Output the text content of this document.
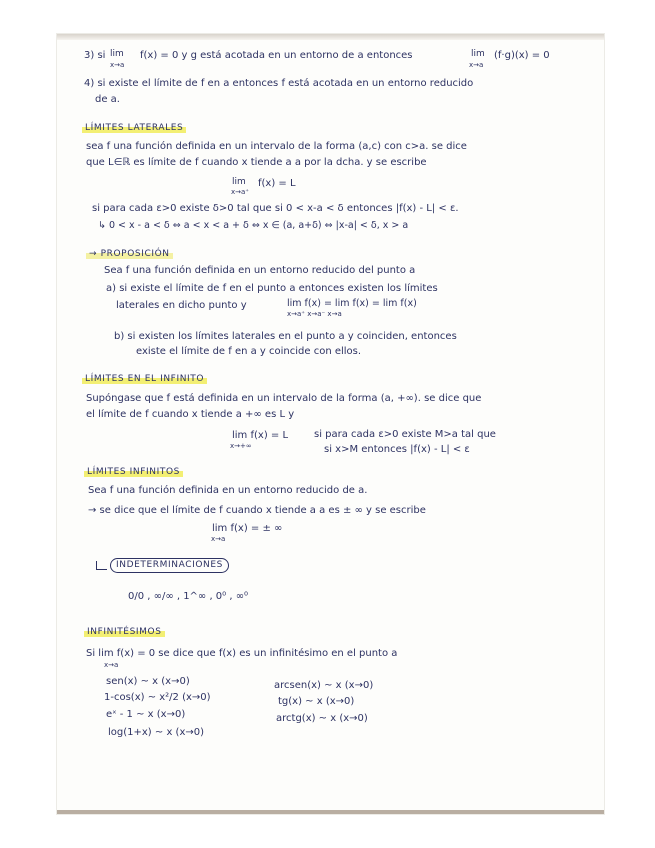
3) si lim
x→a
f(x) = 0 y g está acotada en un entorno de a entonces	lim
x→a
(f·g)(x) = 0
4) si existe el límite de f en a entonces f está acotada en un entorno reducido
de a.
LÍMITES LATERALES
sea f una función definida en un intervalo de la forma (a,c) con c>a. se dice
que L∈ℝ es límite de f cuando x tiende a a por la dcha. y se escribe
lim
x→a⁺
f(x) = L
si para cada ε>0 existe δ>0 tal que si 0 < x-a < δ entonces |f(x) - L| < ε.
↳ 0 < x - a < δ ⇔ a < x < a + δ ⇔ x ∈ (a, a+δ) ⇔ |x-a| < δ, x > a
→ PROPOSICIÓN
Sea f una función definida en un entorno reducido del punto a
a) si existe el límite de f en el punto a entonces existen los límites
laterales en dicho punto y	lim f(x) = lim f(x) = lim f(x)
x→a⁺ x→a⁻ x→a
b) si existen los límites laterales en el punto a y coinciden, entonces
existe el límite de f en a y coincide con ellos.
LÍMITES EN EL INFINITO
Supóngase que f está definida en un intervalo de la forma (a, +∞). se dice que
el límite de f cuando x tiende a +∞ es L y
lim f(x) = L
x→+∞
si para cada ε>0 existe M>a tal que
si x>M entonces |f(x) - L| < ε
LÍMITES INFINITOS
Sea f una función definida en un entorno reducido de a.
→ se dice que el límite de f cuando x tiende a a es ± ∞ y se escribe
lim f(x) = ± ∞
x→a
INDETERMINACIONES
0/0 , ∞/∞ , 1^∞ , 0⁰ , ∞⁰
INFINITÉSIMOS
Si lim f(x) = 0 se dice que f(x) es un infinitésimo en el punto a
x→a
sen(x) ~ x (x→0)
1-cos(x) ~ x²/2 (x→0)
eˣ - 1 ~ x (x→0)
log(1+x) ~ x (x→0)
arcsen(x) ~ x (x→0)
tg(x) ~ x (x→0)
arctg(x) ~ x (x→0)
